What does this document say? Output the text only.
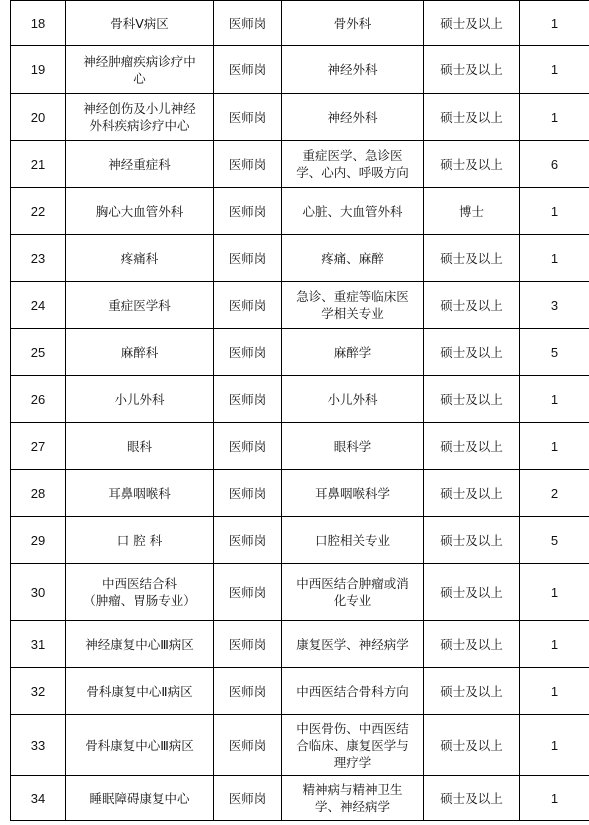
18	骨科Ⅴ病区	医师岗	骨外科	硕士及以上	1
19	神经肿瘤疾病诊疗中
心	医师岗	神经外科	硕士及以上	1
20	神经创伤及小儿神经
外科疾病诊疗中心	医师岗	神经外科	硕士及以上	1
21	神经重症科	医师岗	重症医学、急诊医
学、心内、呼吸方向	硕士及以上	6
22	胸心大血管外科	医师岗	心脏、大血管外科	博士	1
23	疼痛科	医师岗	疼痛、麻醉	硕士及以上	1
24	重症医学科	医师岗	急诊、重症等临床医
学相关专业	硕士及以上	3
25	麻醉科	医师岗	麻醉学	硕士及以上	5
26	小儿外科	医师岗	小儿外科	硕士及以上	1
27	眼科	医师岗	眼科学	硕士及以上	1
28	耳鼻咽喉科	医师岗	耳鼻咽喉科学	硕士及以上	2
29	口 腔 科	医师岗	口腔相关专业	硕士及以上	5
30	中西医结合科
（肿瘤、胃肠专业）	医师岗	中西医结合肿瘤或消
化专业	硕士及以上	1
31	神经康复中心Ⅲ病区	医师岗	康复医学、神经病学	硕士及以上	1
32	骨科康复中心Ⅱ病区	医师岗	中西医结合骨科方向	硕士及以上	1
33	骨科康复中心Ⅲ病区	医师岗	中医骨伤、中西医结
合临床、康复医学与
理疗学	硕士及以上	1
34	睡眠障碍康复中心	医师岗	精神病与精神卫生
学、神经病学	硕士及以上	1
